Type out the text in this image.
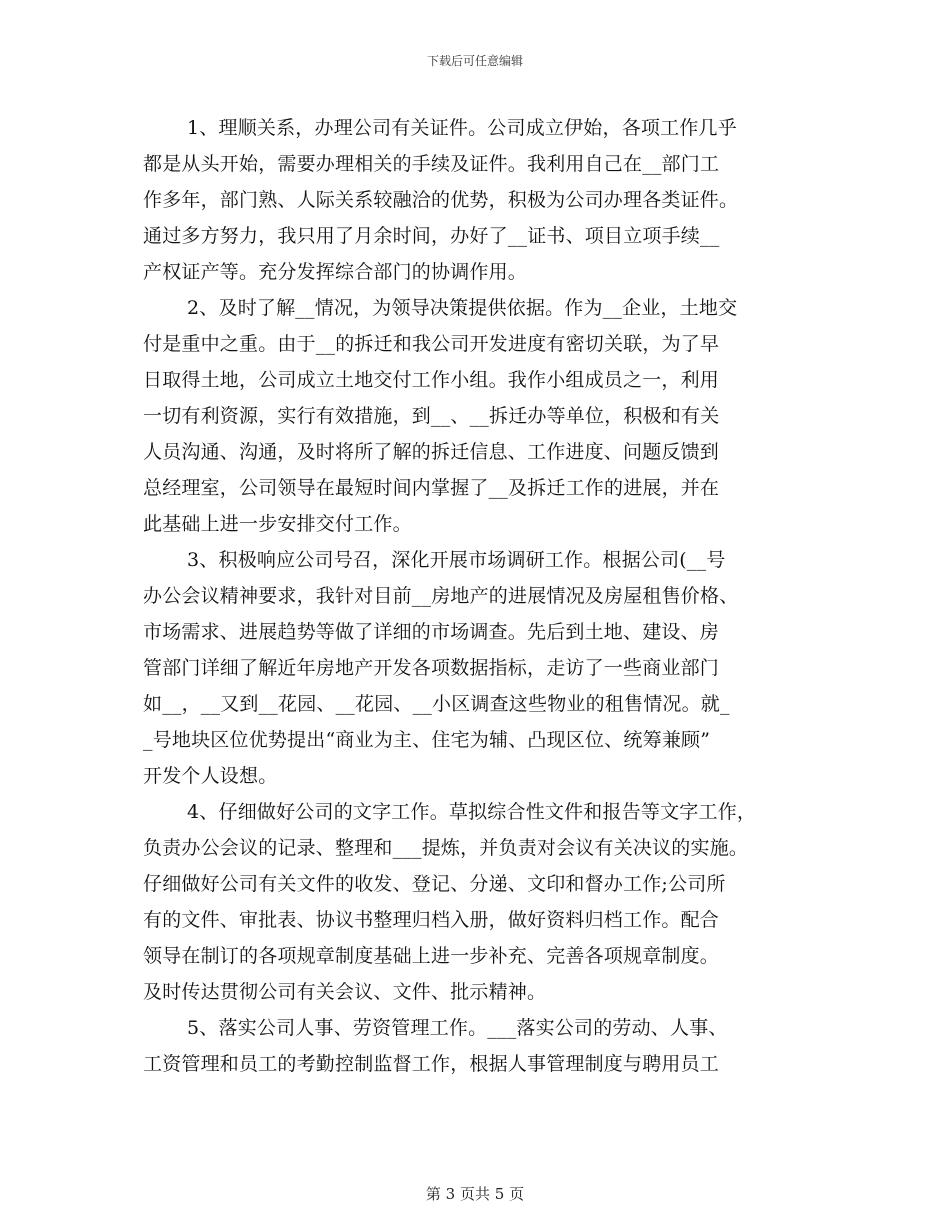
下载后可任意编辑
1、理顺关系，办理公司有关证件。公司成立伊始，各项工作几乎
都是从头开始，需要办理相关的手续及证件。我利用自己在__部门工
作多年，部门熟、人际关系较融洽的优势，积极为公司办理各类证件。
通过多方努力，我只用了月余时间，办好了__证书、项目立项手续__
产权证产等。充分发挥综合部门的协调作用。
2、及时了解__情况，为领导决策提供依据。作为__企业，土地交
付是重中之重。由于__的拆迁和我公司开发进度有密切关联，为了早
日取得土地，公司成立土地交付工作小组。我作小组成员之一，利用
一切有利资源，实行有效措施，到__、__拆迁办等单位，积极和有关
人员沟通、沟通，及时将所了解的拆迁信息、工作进度、问题反馈到
总经理室，公司领导在最短时间内掌握了__及拆迁工作的进展，并在
此基础上进一步安排交付工作。
3、积极响应公司号召，深化开展市场调研工作。根据公司(__号
办公会议精神要求，我针对目前__房地产的进展情况及房屋租售价格、
市场需求、进展趋势等做了详细的市场调查。先后到土地、建设、房
管部门详细了解近年房地产开发各项数据指标，走访了一些商业部门
如__，__又到__花园、__花园、__小区调查这些物业的租售情况。就_
_号地块区位优势提出“商业为主、住宅为辅、凸现区位、统筹兼顾”
开发个人设想。
4、仔细做好公司的文字工作。草拟综合性文件和报告等文字工作，
负责办公会议的记录、整理和___提炼，并负责对会议有关决议的实施。
仔细做好公司有关文件的收发、登记、分递、文印和督办工作;公司所
有的文件、审批表、协议书整理归档入册，做好资料归档工作。配合
领导在制订的各项规章制度基础上进一步补充、完善各项规章制度。
及时传达贯彻公司有关会议、文件、批示精神。
5、落实公司人事、劳资管理工作。___落实公司的劳动、人事、
工资管理和员工的考勤控制监督工作，根据人事管理制度与聘用员工
第 3 页共 5 页
